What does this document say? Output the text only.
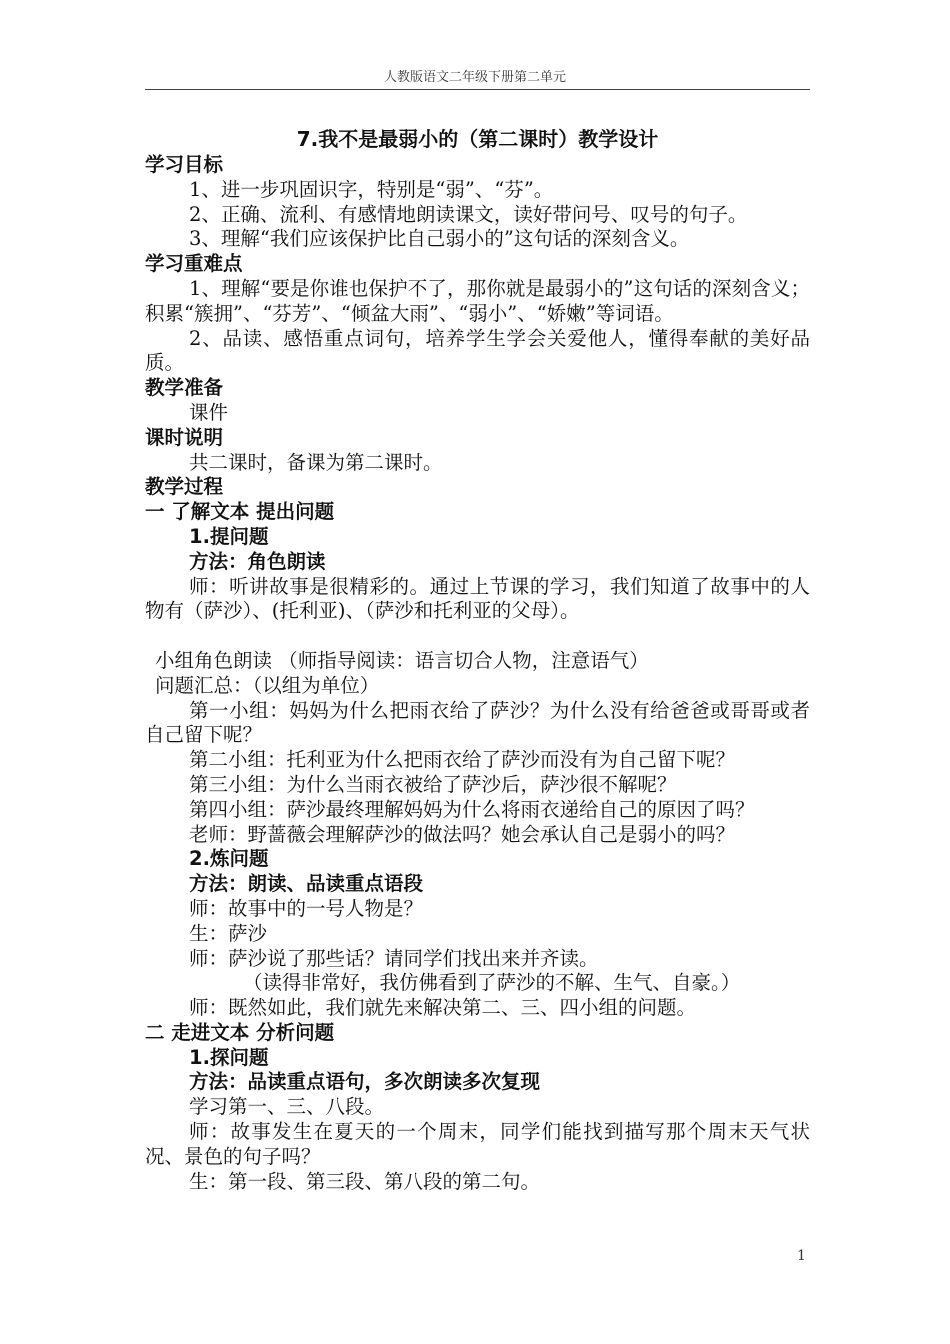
人教版语文二年级下册第二单元
7.我不是最弱小的（第二课时）教学设计
学习目标
1、进一步巩固识字，特别是“弱”、“芬”。
2、正确、流利、有感情地朗读课文，读好带问号、叹号的句子。
3、理解“我们应该保护比自己弱小的”这句话的深刻含义。
学习重难点
1、理解“要是你谁也保护不了，那你就是最弱小的”这句话的深刻含义；积累“簇拥”、“芬芳”、“倾盆大雨”、“弱小”、“娇嫩”等词语。
2、品读、感悟重点词句，培养学生学会关爱他人，懂得奉献的美好品质。
教学准备
课件
课时说明
共二课时，备课为第二课时。
教学过程
一 了解文本 提出问题
1.提问题
方法：角色朗读
师：听讲故事是很精彩的。通过上节课的学习，我们知道了故事中的人物有（萨沙）、(托利亚)、（萨沙和托利亚的父母）。
小组角色朗读 （师指导阅读：语言切合人物，注意语气）
问题汇总：（以组为单位）
第一小组：妈妈为什么把雨衣给了萨沙？为什么没有给爸爸或哥哥或者自己留下呢？
第二小组：托利亚为什么把雨衣给了萨沙而没有为自己留下呢？
第三小组：为什么当雨衣被给了萨沙后，萨沙很不解呢？
第四小组：萨沙最终理解妈妈为什么将雨衣递给自己的原因了吗？
老师：野蔷薇会理解萨沙的做法吗？她会承认自己是弱小的吗？
2.炼问题
方法：朗读、品读重点语段
师：故事中的一号人物是？
生：萨沙
师：萨沙说了那些话？请同学们找出来并齐读。
（读得非常好，我仿佛看到了萨沙的不解、生气、自豪。）
师：既然如此，我们就先来解决第二、三、四小组的问题。
二 走进文本 分析问题
1.探问题
方法：品读重点语句，多次朗读多次复现
学习第一、三、八段。
师：故事发生在夏天的一个周末，同学们能找到描写那个周末天气状况、景色的句子吗？
生：第一段、第三段、第八段的第二句。
1
